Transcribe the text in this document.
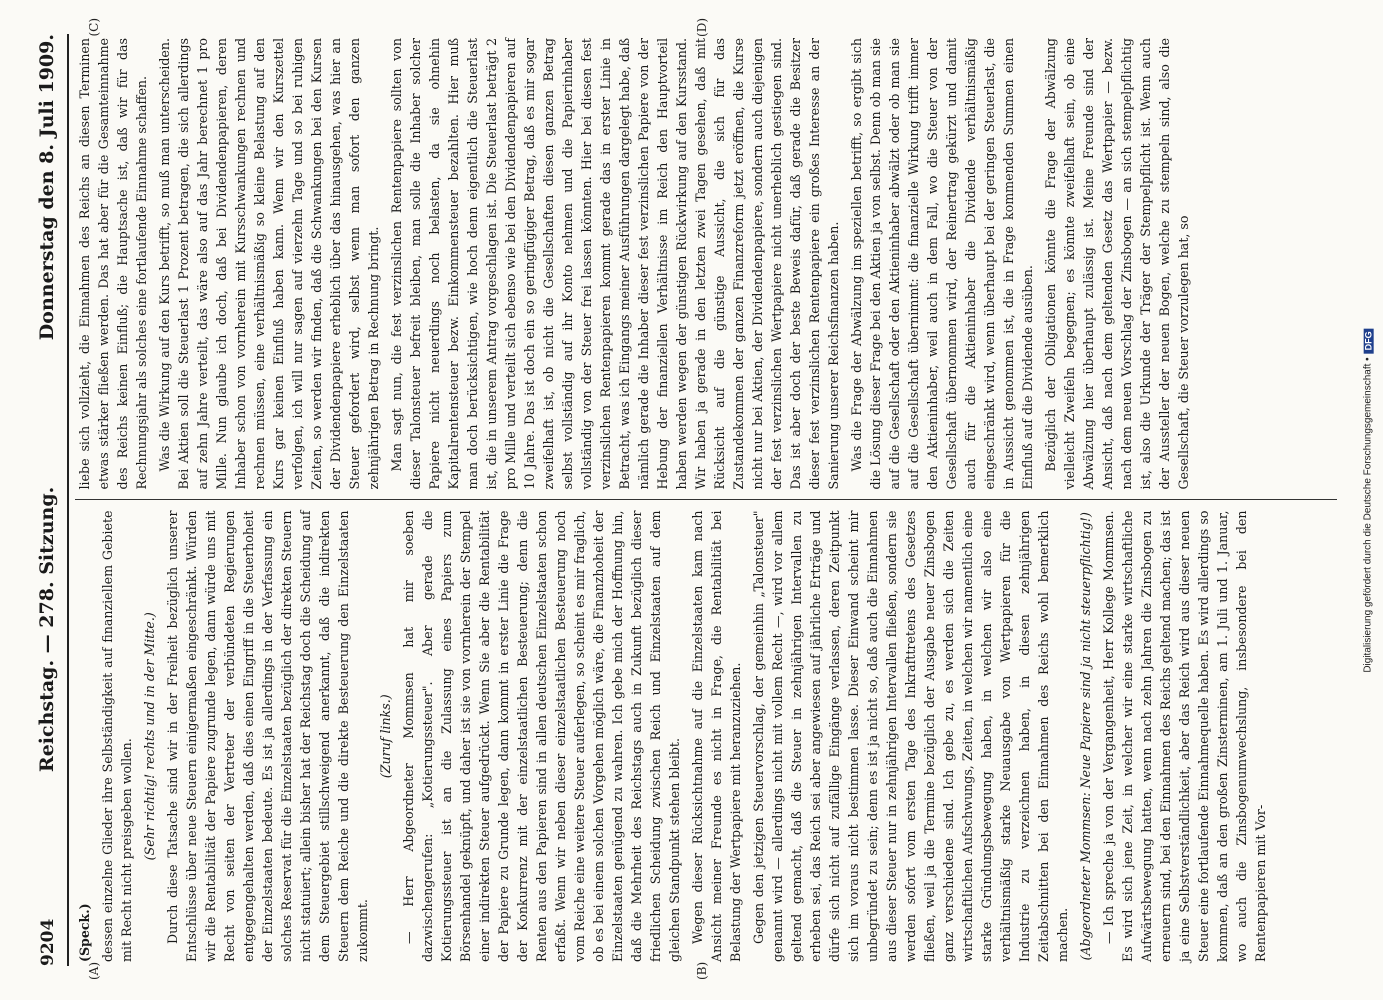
9204
Reichstag. — 278. Sitzung.
Donnerstag den 8. Juli 1909.
(A)	(B)

(Speck.) dessen einzelne Glieder ihre Selbständigkeit auf finanziellem Gebiete mit Recht nicht preisgeben wollen. (Sehr richtig! rechts und in der Mitte.) Durch diese Tatsache sind wir in der Freiheit bezüglich unserer Entschlüsse über neue Steuern einigermaßen eingeschränkt. Würden wir die Rentabilität der Papiere zugrunde legen, dann würde uns mit Recht von seiten der Vertreter der verbündeten Regierungen entgegengehalten werden, daß dies einen Eingriff in die Steuerhoheit der Einzelstaaten bedeute. Es ist ja allerdings in der Verfassung ein solches Reservat für die Einzelstaaten bezüglich der direkten Steuern nicht statuiert; allein bisher hat der Reichstag doch die Scheidung auf dem Steuergebiet stillschweigend anerkannt, daß die indirekten Steuern dem Reiche und die direkte Besteuerung den Einzelstaaten zukommt.

(Zuruf links.) — Herr Abgeordneter Mommsen hat mir soeben dazwischengerufen: „Kotierungssteuer". Aber gerade die Kotierungssteuer ist an die Zulassung eines Papiers zum Börsenhandel geknüpft, und daher ist sie von vornherein der Stempel einer indirekten Steuer aufgedrückt. Wenn Sie aber die Rentabilität der Papiere zu Grunde legen, dann kommt in erster Linie die Frage der Konkurrenz mit der einzelstaatlichen Besteuerung; denn die Renten aus den Papieren sind in allen deutschen Einzelstaaten schon erfaßt. Wenn wir neben dieser einzelstaatlichen Besteuerung noch vom Reiche eine weitere Steuer auferlegen, so scheint es mir fraglich, ob es bei einem solchen Vorgehen möglich wäre, die Finanzhoheit der Einzelstaaten genügend zu wahren. Ich gebe mich der Hoffnung hin, daß die Mehrheit des Reichstags auch in Zukunft bezüglich dieser friedlichen Scheidung zwischen Reich und Einzelstaaten auf dem gleichen Standpunkt stehen bleibt. Wegen dieser Rücksichtnahme auf die Einzelstaaten kam nach Ansicht meiner Freunde es nicht in Frage, die Rentabilität bei Belastung der Wertpapiere mit heranzuziehen. Gegen den jetzigen Steuervorschlag, der gemeinhin „Talonsteuer" genannt wird — allerdings nicht mit vollem Recht —, wird vor allem geltend gemacht, daß die Steuer in zehnjährigen Intervallen zu erheben sei, das Reich sei aber angewiesen auf jährliche Erträge und dürfe sich nicht auf zufällige Eingänge verlassen, deren Zeitpunkt sich im voraus nicht bestimmen lasse. Dieser Einwand scheint mir unbegründet zu sein; denn es ist ja nicht so, daß auch die Einnahmen aus dieser Steuer nur in zehnjährigen Intervallen fließen, sondern sie werden sofort vom ersten Tage des Inkrafttretens des Gesetzes fließen, weil ja die Termine bezüglich der Ausgabe neuer Zinsbogen ganz verschiedene sind. Ich gebe zu, es werden sich die Zeiten wirtschaftlichen Aufschwungs, Zeiten, in welchen wir namentlich eine starke Gründungsbewegung haben, in welchen wir also eine verhältnismäßig starke Neuausgabe von Wertpapieren für die Industrie zu verzeichnen haben, in diesen zehnjährigen Zeitabschnitten bei den Einnahmen des Reichs wohl bemerklich machen. (Abgeordneter Mommsen: Neue Papiere sind ja nicht steuerpflichtig!) — Ich spreche ja von der Vergangenheit, Herr Kollege Mommsen. Es wird sich jene Zeit, in welcher wir eine starke wirtschaftliche Aufwärtsbewegung hatten, wenn nach zehn Jahren die Zinsbogen zu erneuern sind, bei den Einnahmen des Reichs geltend machen; das ist ja eine Selbstverständlichkeit, aber das Reich wird aus dieser neuen Steuer eine fortlaufende Einnahmequelle haben. Es wird allerdings so kommen, daß an den großen Zinsterminen, am 1. Juli und 1. Januar, wo auch die Zinsbogenumwechslung, insbesondere bei den Rentenpapieren mit Vor-

(C)	(D)

liebe sich vollzieht, die Einnahmen des Reichs an diesen Terminen etwas stärker fließen werden. Das hat aber für die Gesamteinnahme des Reichs keinen Einfluß; die Hauptsache ist, daß wir für das Rechnungsjahr als solches eine fortlaufende Einnahme schaffen. Was die Wirkung auf den Kurs betrifft, so muß man unterscheiden. Bei Aktien soll die Steuerlast 1 Prozent betragen, die sich allerdings auf zehn Jahre verteilt, das wäre also auf das Jahr berechnet 1 pro Mille. Nun glaube ich doch, daß bei Dividendenpapieren, deren Inhaber schon von vornherein mit Kursschwankungen rechnen und rechnen müssen, eine verhältnismäßig so kleine Belastung auf den Kurs gar keinen Einfluß haben kann. Wenn wir den Kurszettel verfolgen, ich will nur sagen auf vierzehn Tage und so bei ruhigen Zeiten, so werden wir finden, daß die Schwankungen bei den Kursen der Dividendenpapiere erheblich über das hinausgehen, was hier an Steuer gefordert wird, selbst wenn man sofort den ganzen zehnjährigen Betrag in Rechnung bringt. Man sagt nun, die fest verzinslichen Rentenpapiere sollten von dieser Talonsteuer befreit bleiben, man solle die Inhaber solcher Papiere nicht neuerdings noch belasten, da sie ohnehin Kapitalrentensteuer bezw. Einkommensteuer bezahlten. Hier muß man doch berücksichtigen, wie hoch denn eigentlich die Steuerlast ist, die in unserem Antrag vorgeschlagen ist. Die Steuerlast beträgt 2 pro Mille und verteilt sich ebenso wie bei den Dividendenpapieren auf 10 Jahre. Das ist doch ein so geringfügiger Betrag, daß es mir sogar zweifelhaft ist, ob nicht die Gesellschaften diesen ganzen Betrag selbst vollständig auf ihr Konto nehmen und die Papierinhaber vollständig von der Steuer frei lassen könnten. Hier bei diesen fest verzinslichen Rentenpapieren kommt gerade das in erster Linie in Betracht, was ich Eingangs meiner Ausführungen dargelegt habe, daß nämlich gerade die Inhaber dieser fest verzinslichen Papiere von der Hebung der finanziellen Verhältnisse im Reich den Hauptvorteil haben werden wegen der günstigen Rückwirkung auf den Kursstand. Wir haben ja gerade in den letzten zwei Tagen gesehen, daß mit Rücksicht auf die günstige Aussicht, die sich für das Zustandekommen der ganzen Finanzreform jetzt eröffnen, die Kurse nicht nur bei Aktien, der Dividendenpapiere, sondern auch diejenigen der fest verzinslichen Wertpapiere nicht unerheblich gestiegen sind. Das ist aber doch der beste Beweis dafür, daß gerade die Besitzer dieser fest verzinslichen Rentenpapiere ein großes Interesse an der Sanierung unserer Reichsfinanzen haben. Was die Frage der Abwälzung im speziellen betrifft, so ergibt sich die Lösung dieser Frage bei den Aktien ja von selbst. Denn ob man sie auf die Gesellschaft oder den Aktieninhaber abwälzt oder ob man sie auf die Gesellschaft übernimmt: die finanzielle Wirkung trifft immer den Aktieninhaber, weil auch in dem Fall, wo die Steuer von der Gesellschaft übernommen wird, der Reinertrag gekürzt und damit auch für die Aktieninhaber die Dividende verhältnismäßig eingeschränkt wird, wenn überhaupt bei der geringen Steuerlast, die in Aussicht genommen ist, die in Frage kommenden Summen einen Einfluß auf die Dividende ausüben. Bezüglich der Obligationen könnte die Frage der Abwälzung vielleicht Zweifeln begegnen; es könnte zweifelhaft sein, ob eine Abwälzung hier überhaupt zulässig ist. Meine Freunde sind der Ansicht, daß nach dem geltenden Gesetz das Wertpapier — bezw. nach dem neuen Vorschlag der Zinsbogen — an sich stempelpflichtig ist, also die Urkunde der Träger der Stempelpflicht ist. Wenn auch der Aussteller der neuen Bogen, welche zu stempeln sind, also die Gesellschaft, die Steuer vorzulegen hat, so

Digitalisierung gefördert durch die Deutsche Forschungsgemeinschaft •
DFG
